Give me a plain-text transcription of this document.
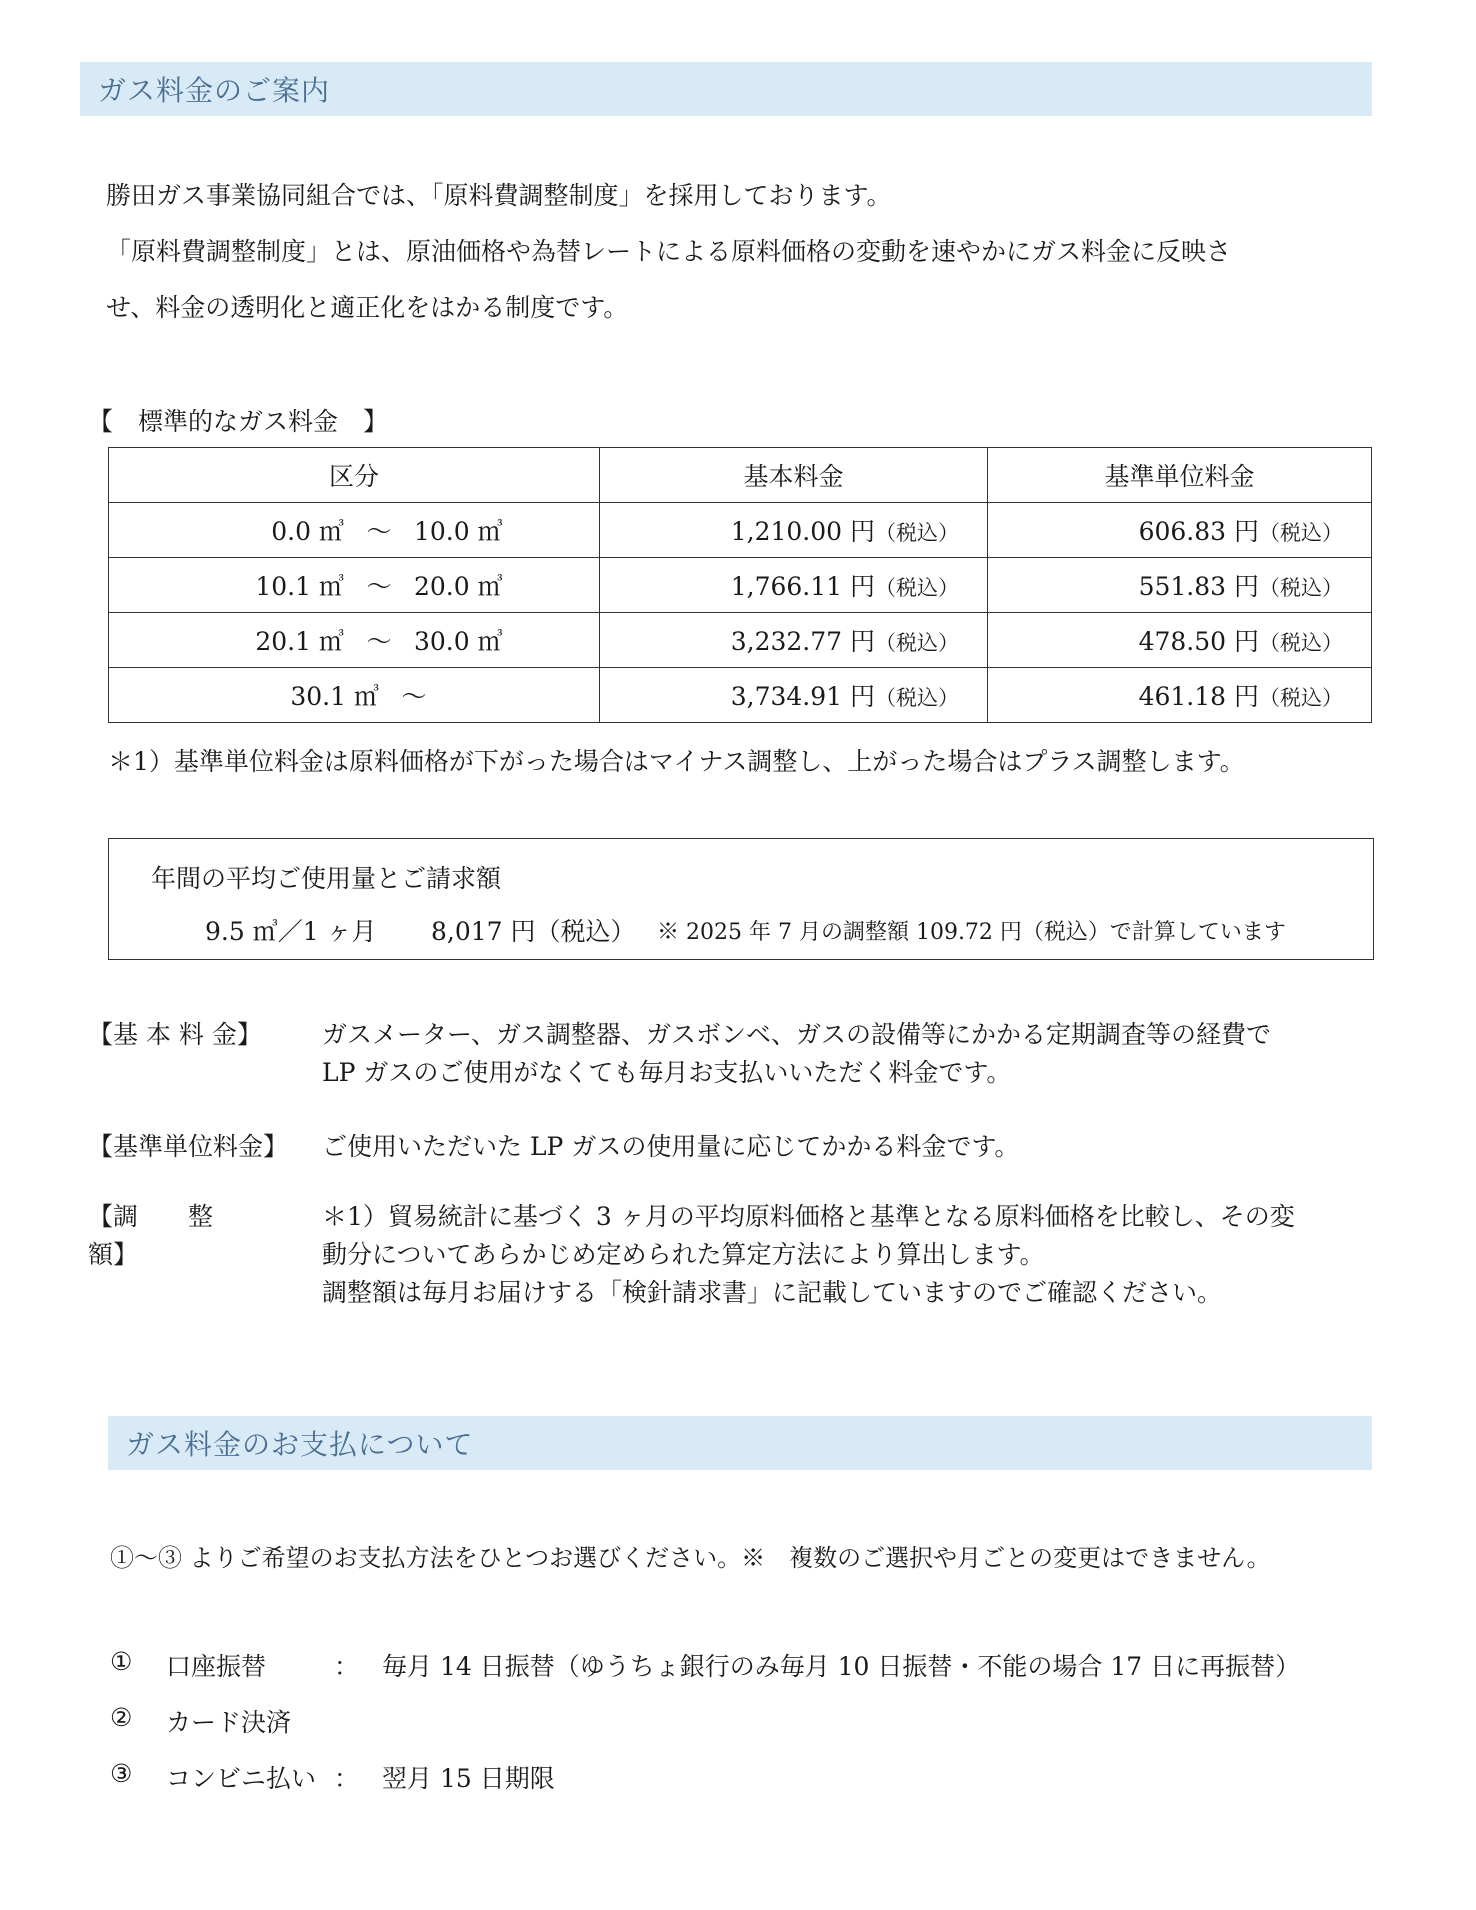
ガス料金のご案内
勝田ガス事業協同組合では、「原料費調整制度」を採用しております。
「原料費調整制度」とは、原油価格や為替レートによる原料価格の変動を速やかにガス料金に反映さ
せ、料金の透明化と適正化をはかる制度です。
【　標準的なガス料金　】
区分	基本料金	基準単位料金

0.0 ㎥ ～ 10.0 ㎥	1,210.00 円（税込）	606.83 円（税込）

10.1 ㎥ ～ 20.0 ㎥	1,766.11 円（税込）	551.83 円（税込）

20.1 ㎥ ～ 30.0 ㎥	3,232.77 円（税込）	478.50 円（税込）

30.1 ㎥ ～	3,734.91 円（税込）	461.18 円（税込）
＊1）基準単位料金は原料価格が下がった場合はマイナス調整し、上がった場合はプラス調整します。
年間の平均ご使用量とご請求額
9.5 ㎥／1 ヶ月 8,017 円（税込） ※ 2025 年 7 月の調整額 109.72 円（税込）で計算しています
【基 本 料 金】	ガスメーター、ガス調整器、ガスボンベ、ガスの設備等にかかる定期調査等の経費で
LP ガスのご使用がなくても毎月お支払いいただく料金です。
【基準単位料金】	ご使用いただいた LP ガスの使用量に応じてかかる料金です。
【調　　整　　額】
＊1）貿易統計に基づく 3 ヶ月の平均原料価格と基準となる原料価格を比較し、その変
動分についてあらかじめ定められた算定方法により算出します。
調整額は毎月お届けする「検針請求書」に記載していますのでご確認ください。
ガス料金のお支払について
①～③ よりご希望のお支払方法をひとつお選びください。※　複数のご選択や月ごとの変更はできません。
① 口座振替	： 毎月 14 日振替（ゆうちょ銀行のみ毎月 10 日振替・不能の場合 17 日に再振替）
② カード決済
③ コンビニ払い ： 翌月 15 日期限
